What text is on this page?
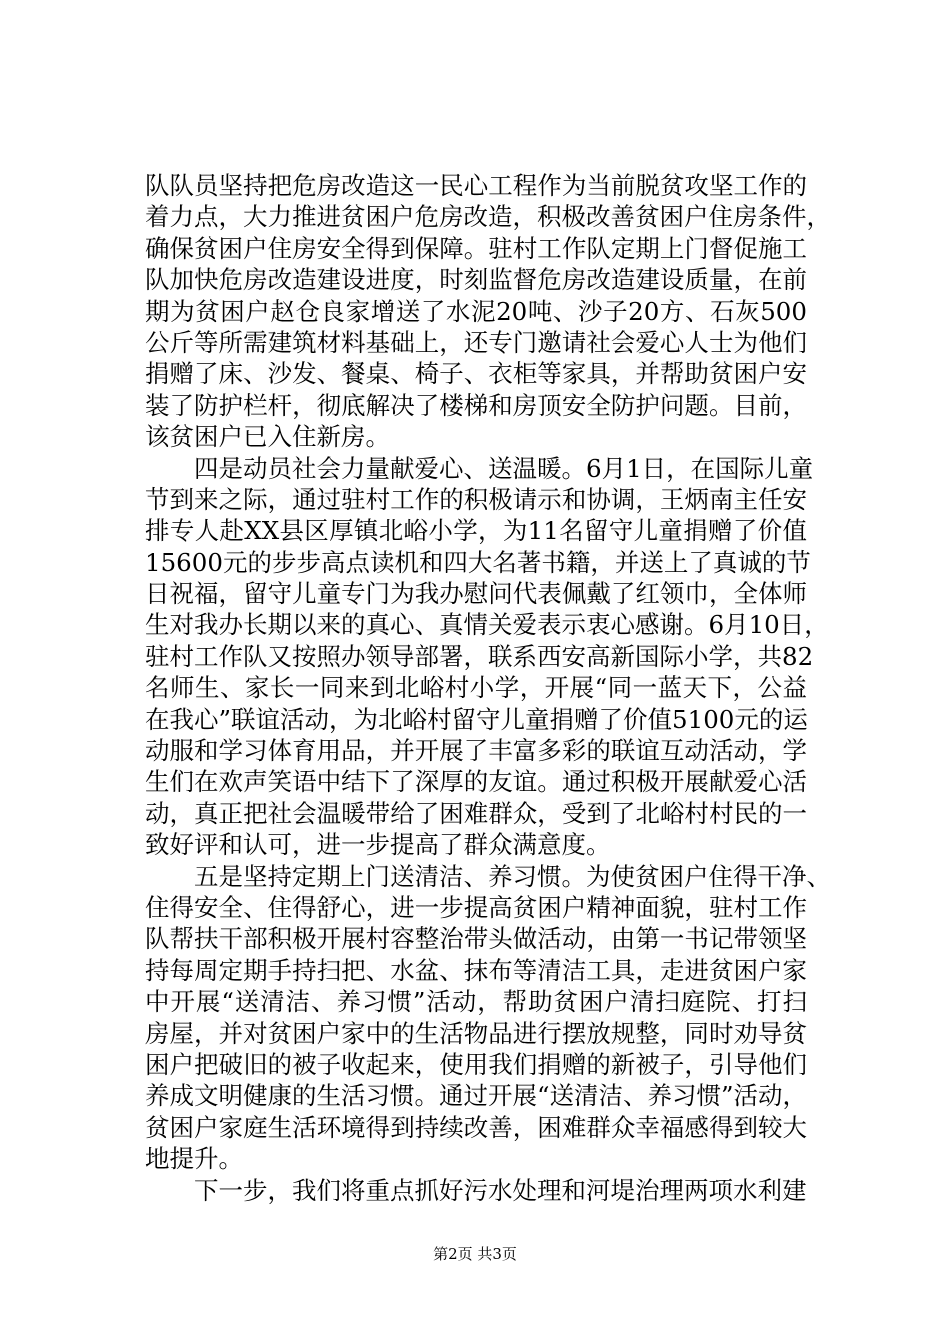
队队员坚持把危房改造这一民心工程作为当前脱贫攻坚工作的
着力点，大力推进贫困户危房改造，积极改善贫困户住房条件，
确保贫困户住房安全得到保障。驻村工作队定期上门督促施工
队加快危房改造建设进度，时刻监督危房改造建设质量，在前
期为贫困户赵仓良家增送了水泥20吨、沙子20方、石灰500
公斤等所需建筑材料基础上，还专门邀请社会爱心人士为他们
捐赠了床、沙发、餐桌、椅子、衣柜等家具，并帮助贫困户安
装了防护栏杆，彻底解决了楼梯和房顶安全防护问题。目前，
该贫困户已入住新房。
四是动员社会力量献爱心、送温暖。6月1日，在国际儿童
节到来之际，通过驻村工作的积极请示和协调，王炳南主任安
排专人赴XX县区厚镇北峪小学，为11名留守儿童捐赠了价值
15600元的步步高点读机和四大名著书籍，并送上了真诚的节
日祝福，留守儿童专门为我办慰问代表佩戴了红领巾，全体师
生对我办长期以来的真心、真情关爱表示衷心感谢。6月10日，
驻村工作队又按照办领导部署，联系西安高新国际小学，共82
名师生、家长一同来到北峪村小学，开展“同一蓝天下，公益
在我心”联谊活动，为北峪村留守儿童捐赠了价值5100元的运
动服和学习体育用品，并开展了丰富多彩的联谊互动活动，学
生们在欢声笑语中结下了深厚的友谊。通过积极开展献爱心活
动，真正把社会温暖带给了困难群众，受到了北峪村村民的一
致好评和认可，进一步提高了群众满意度。
五是坚持定期上门送清洁、养习惯。为使贫困户住得干净、
住得安全、住得舒心，进一步提高贫困户精神面貌，驻村工作
队帮扶干部积极开展村容整治带头做活动，由第一书记带领坚
持每周定期手持扫把、水盆、抹布等清洁工具，走进贫困户家
中开展“送清洁、养习惯”活动，帮助贫困户清扫庭院、打扫
房屋，并对贫困户家中的生活物品进行摆放规整，同时劝导贫
困户把破旧的被子收起来，使用我们捐赠的新被子，引导他们
养成文明健康的生活习惯。通过开展“送清洁、养习惯”活动，
贫困户家庭生活环境得到持续改善，困难群众幸福感得到较大
地提升。
下一步，我们将重点抓好污水处理和河堤治理两项水利建
第2页 共3页
